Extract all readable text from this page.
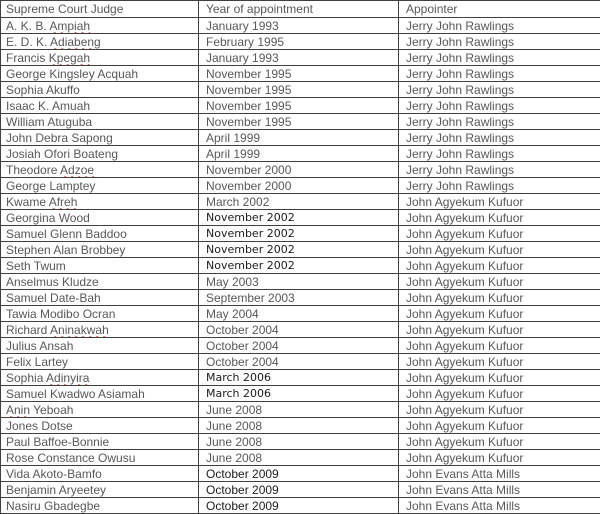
Supreme Court Judge	Year of appointment	Appointer
A. K. B. Ampiah	January 1993	Jerry John Rawlings
E. D. K. Adiabeng	February 1995	Jerry John Rawlings
Francis Kpegah	January 1993	Jerry John Rawlings
George Kingsley Acquah	November 1995	Jerry John Rawlings
Sophia Akuffo	November 1995	Jerry John Rawlings
Isaac K. Amuah	November 1995	Jerry John Rawlings
William Atuguba	November 1995	Jerry John Rawlings
John Debra Sapong	April 1999	Jerry John Rawlings
Josiah Ofori Boateng	April 1999	Jerry John Rawlings
Theodore Adzoe	November 2000	Jerry John Rawlings
George Lamptey	November 2000	Jerry John Rawlings
Kwame Afreh	March 2002	John Agyekum Kufuor
Georgina Wood	November 2002	John Agyekum Kufuor
Samuel Glenn Baddoo	November 2002	John Agyekum Kufuor
Stephen Alan Brobbey	November 2002	John Agyekum Kufuor
Seth Twum	November 2002	John Agyekum Kufuor
Anselmus Kludze	May 2003	John Agyekum Kufuor
Samuel Date-Bah	September 2003	John Agyekum Kufuor
Tawia Modibo Ocran	May 2004	John Agyekum Kufuor
Richard Aninakwah	October 2004	John Agyekum Kufuor
Julius Ansah	October 2004	John Agyekum Kufuor
Felix Lartey	October 2004	John Agyekum Kufuor
Sophia Adinyira	March 2006	John Agyekum Kufuor
Samuel Kwadwo Asiamah	March 2006	John Agyekum Kufuor
Anin Yeboah	June 2008	John Agyekum Kufuor
Jones Dotse	June 2008	John Agyekum Kufuor
Paul Baffoe-Bonnie	June 2008	John Agyekum Kufuor
Rose Constance Owusu	June 2008	John Agyekum Kufuor
Vida Akoto-Bamfo	October 2009	John Evans Atta Mills
Benjamin Aryeetey	October 2009	John Evans Atta Mills
Nasiru Gbadegbe	October 2009	John Evans Atta Mills
